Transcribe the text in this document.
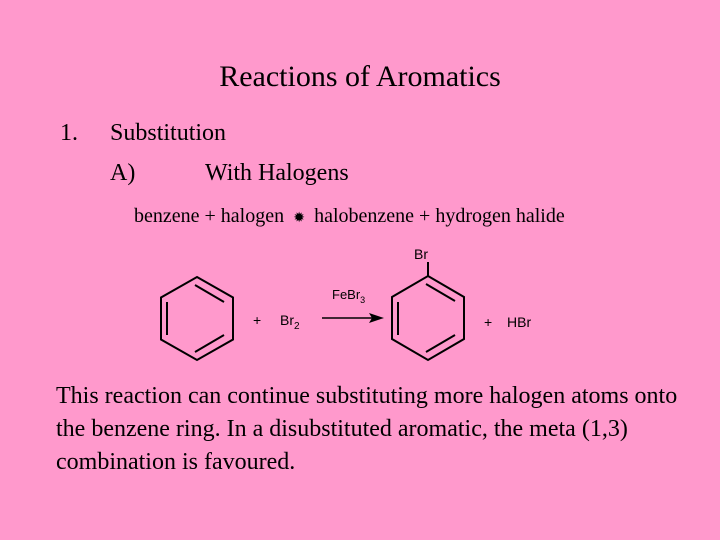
Reactions of Aromatics
1. Substitution
A)	With Halogens
benzene + halogen ✹ halobenzene + hydrogen halide
+ $Br_2$
FeBr$_3$
Br
+ HBr
This reaction can continue substituting more halogen atoms onto the benzene ring. In a disubstituted aromatic, the meta (1,3) combination is favoured.
